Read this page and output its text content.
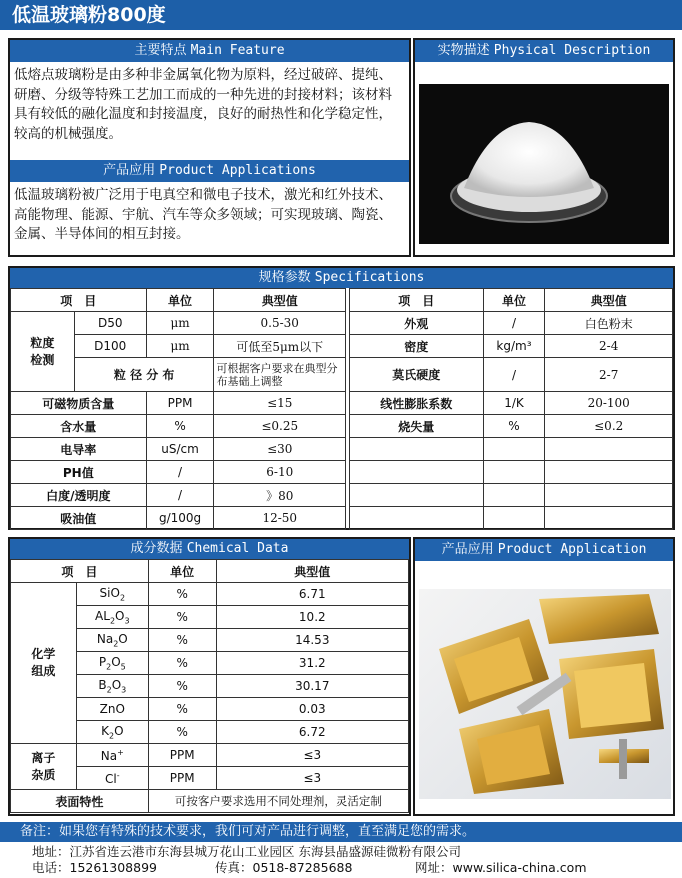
低温玻璃粉800度
主要特点 Main Feature
低熔点玻璃粉是由多种非金属氧化物为原料，经过破碎、提纯、研磨、分级等特殊工艺加工而成的一种先进的封接材料；该材料具有较低的融化温度和封接温度，良好的耐热性和化学稳定性，较高的机械强度。
产品应用 Product Applications
低温玻璃粉被广泛用于电真空和微电子技术，激光和红外技术、高能物理、能源、宇航、汽车等众多领域；可实现玻璃、陶瓷、金属、半导体间的相互封接。
实物描述 Physical Description
规格参数 Specifications
项　目		单位	典型值

粒度检测	D50	μm	0.5-30
	D100	μm	可低至5μm以下
	粒 径 分 布		可根据客户要求在典型分布基础上调整
可磁物质含量		PPM	≤15
含水量		%	≤0.25
电导率		uS/cm	≤30
PH值		/	6-10
白度/透明度		/	》80
吸油值		g/100g	12-50
项　目	单位	典型值
外观	/	白色粉末
密度	kg/m³	2-4
莫氏硬度	/	2-7
线性膨胀系数	1/K	20-100
烧失量	%	≤0.2

成分数据 Chemical Data
项　目		单位	典型值

化学组成	SiO$_2$	%	6.71
	$AL_2O_3$	%	10.2
	$Na_2O$	%	14.53
	$P_2O_5$	%	31.2
	$B_2O_3$	%	30.17
	ZnO	%	0.03
	$K_2O$	%	6.72

离子杂质	Na+	PPM	≤3
	Cl-	PPM	≤3
表面特性		可按客户要求选用不同处理剂，灵活定制	
产品应用 Product Application
备注：如果您有特殊的技术要求，我们可对产品进行调整，直至满足您的需求。
地址：江苏省连云港市东海县城万花山工业园区 东海县晶盛源硅微粉有限公司
电话：15261308899	传真：0518-87285688	网址：www.silica-china.com
